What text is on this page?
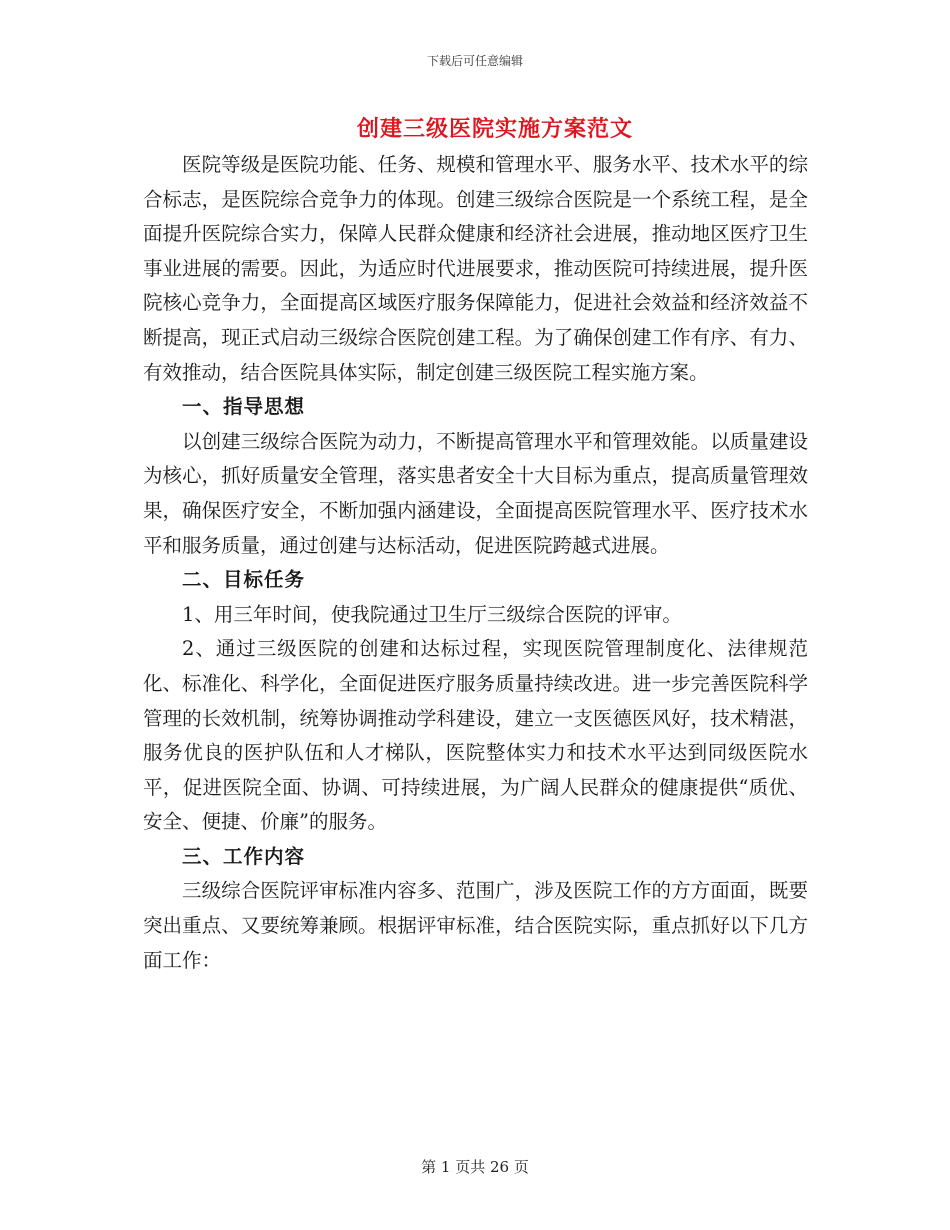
下载后可任意编辑
创建三级医院实施方案范文

医院等级是医院功能、任务、规模和管理水平、服务水平、技术水平的综合标志，是医院综合竞争力的体现。创建三级综合医院是一个系统工程，是全面提升医院综合实力，保障人民群众健康和经济社会进展，推动地区医疗卫生事业进展的需要。因此，为适应时代进展要求，推动医院可持续进展，提升医院核心竞争力，全面提高区域医疗服务保障能力，促进社会效益和经济效益不断提高，现正式启动三级综合医院创建工程。为了确保创建工作有序、有力、有效推动，结合医院具体实际，制定创建三级医院工程实施方案。

一、指导思想

以创建三级综合医院为动力，不断提高管理水平和管理效能。以质量建设为核心，抓好质量安全管理，落实患者安全十大目标为重点，提高质量管理效果，确保医疗安全，不断加强内涵建设，全面提高医院管理水平、医疗技术水平和服务质量，通过创建与达标活动，促进医院跨越式进展。

二、目标任务

1、用三年时间，使我院通过卫生厅三级综合医院的评审。

2、通过三级医院的创建和达标过程，实现医院管理制度化、法律规范化、标准化、科学化，全面促进医疗服务质量持续改进。进一步完善医院科学管理的长效机制，统筹协调推动学科建设，建立一支医德医风好，技术精湛，服务优良的医护队伍和人才梯队，医院整体实力和技术水平达到同级医院水平，促进医院全面、协调、可持续进展，为广阔人民群众的健康提供“质优、安全、便捷、价廉”的服务。

三、工作内容

三级综合医院评审标准内容多、范围广，涉及医院工作的方方面面，既要突出重点、又要统筹兼顾。根据评审标准，结合医院实际，重点抓好以下几方面工作：

第 1 页共 26 页
